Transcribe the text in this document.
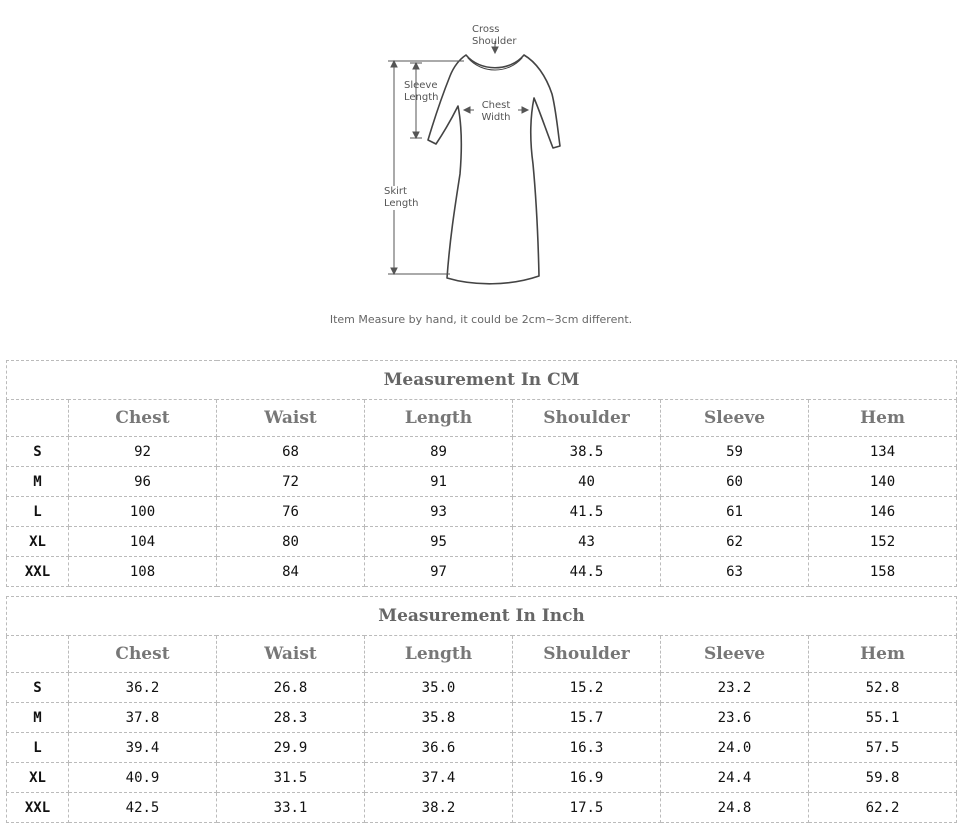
Cross
Shoulder
Sleeve
Length
Chest
Width
Skirt
Length
Item Measure by hand, it could be 2cm~3cm different.
Measurement In CM						
	Chest	Waist	Length	Shoulder	Sleeve	Hem
S	92	68	89	38.5	59	134
M	96	72	91	40	60	140
L	100	76	93	41.5	61	146
XL	104	80	95	43	62	152
XXL	108	84	97	44.5	63	158
Measurement In Inch						
	Chest	Waist	Length	Shoulder	Sleeve	Hem
S	36.2	26.8	35.0	15.2	23.2	52.8
M	37.8	28.3	35.8	15.7	23.6	55.1
L	39.4	29.9	36.6	16.3	24.0	57.5
XL	40.9	31.5	37.4	16.9	24.4	59.8
XXL	42.5	33.1	38.2	17.5	24.8	62.2
